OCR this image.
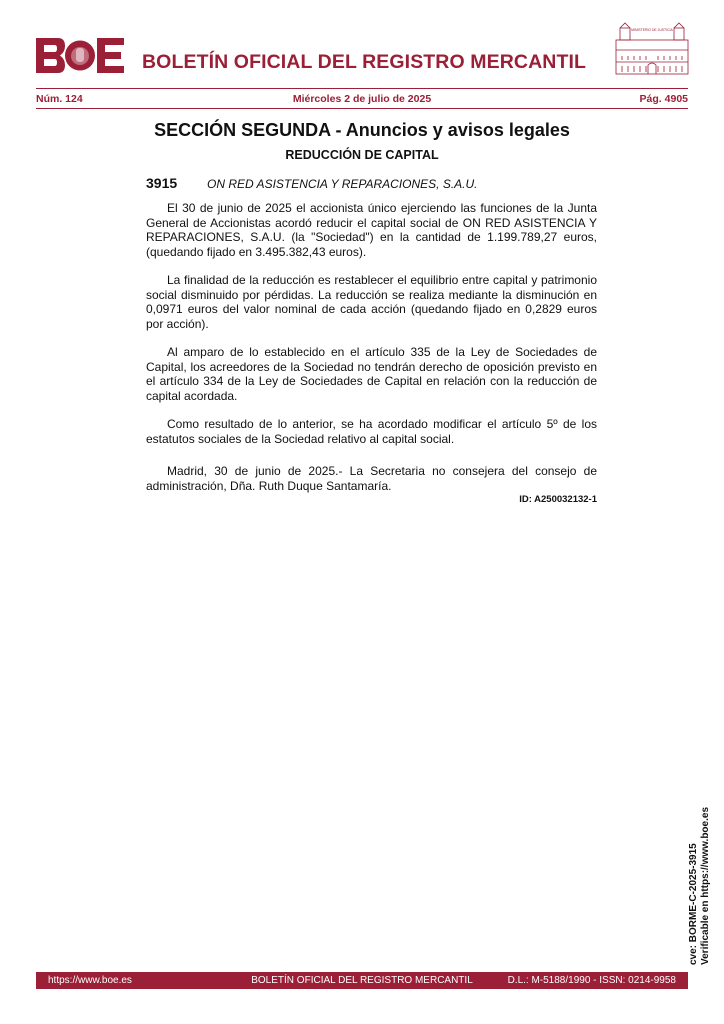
BOLETÍN OFICIAL DEL REGISTRO MERCANTIL
MINISTERIO DE JUSTICIA
Núm. 124	Miércoles 2 de julio de 2025	Pág. 4905
SECCIÓN SEGUNDA - Anuncios y avisos legales
REDUCCIÓN DE CAPITAL
3915 ON RED ASISTENCIA Y REPARACIONES, S.A.U.

El 30 de junio de 2025 el accionista único ejerciendo las funciones de la Junta General de Accionistas acordó reducir el capital social de ON RED ASISTENCIA Y REPARACIONES, S.A.U. (la "Sociedad") en la cantidad de 1.199.789,27 euros, (quedando fijado en 3.495.382,43 euros).

La finalidad de la reducción es restablecer el equilibrio entre capital y patrimonio social disminuido por pérdidas. La reducción se realiza mediante la disminución en 0,0971 euros del valor nominal de cada acción (quedando fijado en 0,2829 euros por acción).

Al amparo de lo establecido en el artículo 335 de la Ley de Sociedades de Capital, los acreedores de la Sociedad no tendrán derecho de oposición previsto en el artículo 334 de la Ley de Sociedades de Capital en relación con la reducción de capital acordada.

Como resultado de lo anterior, se ha acordado modificar el artículo 5º de los estatutos sociales de la Sociedad relativo al capital social.

Madrid, 30 de junio de 2025.- La Secretaria no consejera del consejo de administración, Dña. Ruth Duque Santamaría.

ID: A250032132-1
cve: BORME-C-2025-3915 Verificable en https://www.boe.es
https://www.boe.es	BOLETÍN OFICIAL DEL REGISTRO MERCANTIL	D.L.: M-5188/1990 - ISSN: 0214-9958
